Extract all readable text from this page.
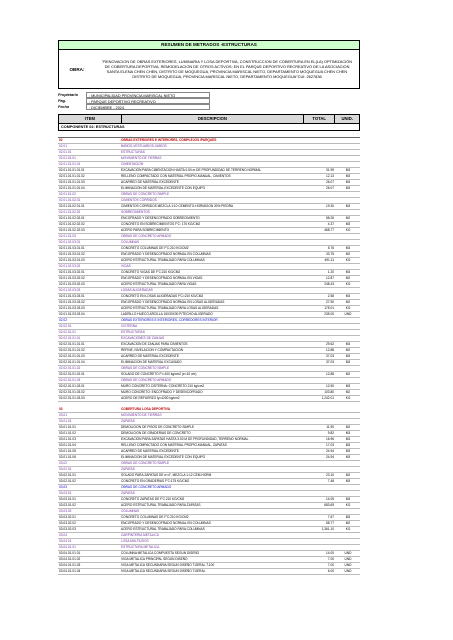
RESUMEN DE METRADOS -ESTRUCTURAS
OBRA:
"RENOVACION DE OBRAS EXTERIORES, LUMINARIA Y LOSA DEPORTIVA, CONSTRUCCION DE COBERTURA EN EL(LA) OPTIMIZACIÓN DE COBERTURA DEPORTIVA, REMODELACION DE OTROS ACTIVOS; EN EL PARQUE DEPORTIVO RECREATIVO DE LA ASOCIACION SANTA ELENA CHEN CHEN, DISTRITO DE MOQUEGUA, PROVINCIA MARISCAL NIETO, DEPARTAMENTO MOQUEGUA CHEN CHEN DISTRITO DE MOQUEGUA, PROVINCIA MARISCAL NIETO, DEPARTAMENTO MOQUEGUA"CUI: 2627836
Propietario	: MUNICIPALIDAD PROVINCIA MARISCAL NIETO
Pág.	: PARQUE DEPORTIVO RECREATIVO
Fecha	: DICIEMBRE - 2024
ITEM	DESCRIPCION	TOTAL	UNID.
COMPONENTE 02: ESTRUCTURAS
02	OBRAS EXTERIORES E INTERIORES, COMPLEJOS /PARQUES
02.01	BAÑOS-VESTUARIOS-VARIOS
02.01.01	ESTRUCTURAS
02.01.01.01	MOVIMIENTO DE TIERRAS
02.01.01.01.01	CIMENTACION
02.01.01.01.01.01	EXCAVACION PARA CIMENTACION HASTA 0.50 m DE PROFUNDIDAD DE TERRENO NORMAL	31.99	M3
02.01.01.01.01.02	RELLENO COMPACTADO CON MATERIAL PROPIO-MANUAL, CIMIENTOS	12.13	M3
02.01.01.01.01.03	ACARREO DE MATERIAL EXCEDENTE	26.07	M3
02.01.01.01.01.04	ELIMINACION DE MATERIAL EXCEDENTE CON EQUIPO	26.07	M3
02.01.01.02	OBRAS DE CONCRETO SIMPLE
02.01.01.02.01	CIMIENTOS CORRIDOS
02.01.01.02.01.01	CIMIENTOS CORRIDOS MEZCLA 1:10 CEMENTO-HORMIGON 30% PIEDRA	19.30	M3
02.01.01.02.02	SOBRECIMIENTOS
02.01.01.02.02.01	ENCOFRADO Y DESENCOFRADO SOBRECIMIENTO	58.26	M2
02.01.01.02.02.02	CONCRETO EN SOBRECIMIENTOS F'C: 175 KG/CM2	4.37	M3
02.01.01.02.02.03	ACERO PARA SOBRECIMIENTO	468.77	KG
02.01.01.03	OBRAS DE CONCRETO ARMADO
02.01.01.03.01	COLUMNAS
02.01.01.03.01.01	CONCRETO COLUMNAS DE F'C:210 KG/CM2	5.76	M3
02.01.01.03.01.02	ENCOFRADO Y DESENCOFRADO NORMAL EN COLUMNAS	33.75	M2
02.01.01.03.01.03	ACERO ESTRUCTURAL TRABAJADO PARA COLUMNAS	491.11	KG
02.01.01.03.02	VIGAS
02.01.01.03.02.01	CONCRETO VIGAS DE F'C:210 KG/CM2	1.20	M3
02.01.01.03.02.02	ENCOFRADO Y DESENCOFRADO NORMAL EN VIGAS	12.87	M2
02.01.01.03.02.03	ACERO ESTRUCTURAL TRABAJADO PARA VIGAS	248.43	KG
02.01.01.03.03	LOSAS ALIGERADAS
02.01.01.03.03.01	CONCRETO EN LOSAS ALIGERADAS F'C=210 KG/CM2	2.58	M3
02.01.01.03.03.02	ENCOFRADO Y DESENCOFRADO NORMAL EN LOSAS ALIGERADAS	27.50	M2
02.01.01.03.03.03	ACERO ESTRUCTURAL TRABAJADO PARA LOSAS ALIGERADAS	175.01	KG
02.01.01.03.03.04	LADRILLO HUECO ARCILLA 15X30X30 P/TECHO ALIGERADO	235.00	UND
02.02	OBRAS EXTERIORES E INTERIORES, CORREDORES INTERIOR
02.02.01	CISTERNA
02.02.01.01	ESTRUCTURAS
02.02.01.01.01	EXCAVACIONES DE ZANJAS
02.02.01.01.01.01	EXCAVACION DE ZANJAS PARA CIMIENTOS	29.62	M3
02.02.01.01.01.02	REFINE, NIVELACION Y COMPACTACION	12.88	M2
02.02.01.01.01.03	ACARREO DE MATERIAL EXCEDENTE	37.03	M3
02.02.01.01.01.04	ELIMINACION DE MATERIAL EXCAVADO	37.03	M3
02.02.01.01.02	OBRAS DE CONCRETO SIMPLE
02.02.01.01.02.01	SOLADO DE CONCRETO F'c:100 kg/cm2 (e=10 cm)	12.88	M2
02.02.01.01.03	OBRAS DE CONCRETO ARMADO
02.02.01.01.03.01	MURO CONCRETO CISTERNA: CONCRETO 210 kg/cm2	12.50	M3
02.02.01.01.03.02	MURO CONCRETO: ENCOFRADO Y DESENCOFRADO	103.80	M2
02.02.01.01.03.03	ACERO DE REFUERZO fy=4200 kg/cm2	1,242.01	KG
03	COBERTURA LOSA DEPORTIVA
03.01	MOVIMIENTO DE TIERRAS
03.01.01	ZAPATAS
03.01.01.01	DEMOLICION DE PISOS DE CONCRETO SIMPLE	11.90	M2
03.01.01.02	DEMOLICION DE GRADERIAS DE CONCRETO	9.82	M3
03.01.01.03	EXCAVACION PARA ZAPATAS HASTA 3.00 M DE PROFUNDIDAD, TERRENO NORMAL	16.96	M3
03.01.01.04	RELLENO COMPACTADO CON MATERIAL PROPIO-MANUAL, ZAPATAS	17.03	M3
03.01.01.05	ACARREO DE MATERIAL EXCEDENTE	24.94	M3
03.01.01.06	ELIMINACION DE MATERIAL EXCEDENTE CON EQUIPO	24.94	M3
03.02	OBRAS DE CONCRETO SIMPLE
03.02.01	ZAPATAS
03.02.01.01	SOLADO PARA ZAPATAS DE e=4", MEZCLA 1:12 CEM-HORM	23.10	M2
03.02.01.02	CONCRETO EN GRADERIAS F'C:175 KG/CM2	7.48	M3
03.03	OBRAS DE CONCRETO ARMADO
03.03.01	ZAPATAS
03.03.01.01	CONCRETO ZAPATAS DE F'C:210 KG/CM2	14.05	M3
03.03.01.02	ACERO ESTRUCTURAL TRABAJADO PARA ZAPATAS	683.69	KG
03.03.02	COLUMNAS
03.03.02.01	CONCRETO COLUMNAS DE F'C:210 KG/CM2	7.67	M3
03.03.02.02	ENCOFRADO Y DESENCOFRADO NORMAL EN COLUMNAS	58.77	M2
03.03.02.03	ACERO ESTRUCTURAL TRABAJADO PARA COLUMNAS	1,361.10	KG
03.04	CARPINTERIA METALICA
03.04.01	LOSA MULTIUSOS
03.04.01.01	ESTRUCTURA METALICA
03.04.01.01.01	COLUMNA METALICA COMPUESTA SEGUN DISEÑO	14.00	UND
03.04.01.01.02	VIGA METALICA PRINCIPAL SEGUN DISEÑO	7.00	UND
03.04.01.01.03	VIGA METALICA SECUNDARIA SEGUN DISEÑO TIJERAL T-100	7.00	UND
03.04.01.01.04	VIGA METALICA SECUNDARIA SEGUN DISEÑO TIJERAL	6.00	UND
